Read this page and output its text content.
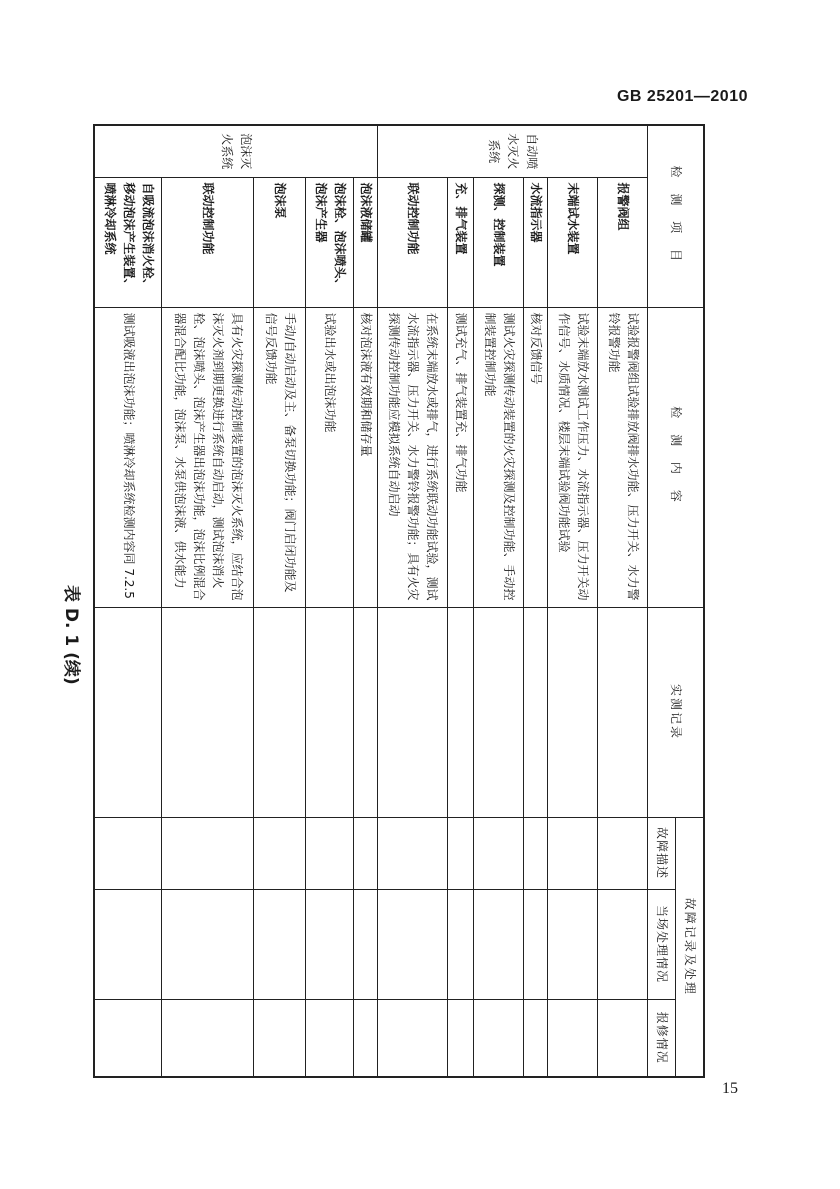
GB 25201—2010
表 D. 1 (续)
检 测 项 目		检 测 内 容	实测记录	故障记录及处理		
				故障描述	当场处理情况	报修情况
自动喷水灭火系统	报警阀组	试验报警阀组试验排放阀排水功能、压力开关、水力警铃报警功能				
	末端试水装置	试验末端放水测试工作压力、水流指示器、压力开关动作信号、水质情况、楼层末端试验阀功能试验				
	水流指示器	核对反馈信号				
	探测、控制装置	测试火灾探测传动装置的火灾探测及控制功能、手动控制装置控制功能				
	充、排气装置	测试充气、排气装置充、排气功能				
	联动控制功能	在系统末端放水或排气，进行系统联动功能试验，测试水流指示器、压力开关、水力警铃报警功能；具有火灾探测传动控制功能应模拟系统自动启动				
泡沫灭火系统	泡沫液储罐	核对泡沫液有效期和储存量				
	泡沫栓、泡沫喷头、泡沫产生器	试验出水或出泡沫功能				
	泡沫泵	手动/自动启动及主、备泵切换功能；阀门启闭功能及信号反馈功能				
	联动控制功能	具有火灾探测传动控制装置的泡沫灭火系统，应结合泡沫灭火剂到期更换进行系统自动启动，测试泡沫消火栓、泡沫喷头、泡沫产生器出泡沫功能，泡沫比例混合器混合配比功能，泡沫泵、水泵供泡沫液、供水能力				
	自吸流泡沫消火栓、移动泡沫产生装置、喷淋冷却系统	测试吸液出泡沫功能；喷淋冷却系统检测内容同 7.2.5				
15
